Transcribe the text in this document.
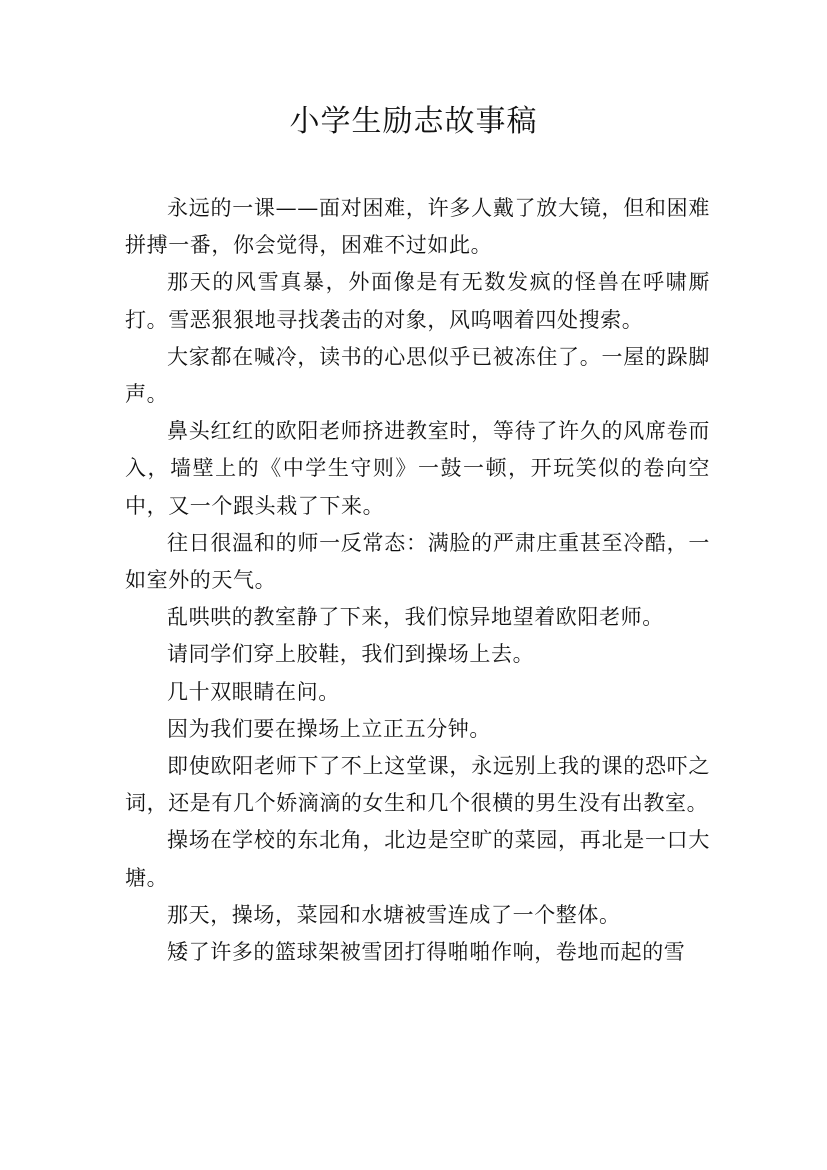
小学生励志故事稿

永远的一课——面对困难，许多人戴了放大镜，但和困难拼搏一番，你会觉得，困难不过如此。

那天的风雪真暴，外面像是有无数发疯的怪兽在呼啸厮打。雪恶狠狠地寻找袭击的对象，风呜咽着四处搜索。

大家都在喊冷，读书的心思似乎已被冻住了。一屋的跺脚声。

鼻头红红的欧阳老师挤进教室时，等待了许久的风席卷而入，墙壁上的《中学生守则》一鼓一顿，开玩笑似的卷向空中，又一个跟头栽了下来。

往日很温和的师一反常态：满脸的严肃庄重甚至冷酷，一如室外的天气。

乱哄哄的教室静了下来，我们惊异地望着欧阳老师。

请同学们穿上胶鞋，我们到操场上去。

几十双眼睛在问。

因为我们要在操场上立正五分钟。

即使欧阳老师下了不上这堂课，永远别上我的课的恐吓之词，还是有几个娇滴滴的女生和几个很横的男生没有出教室。

操场在学校的东北角，北边是空旷的菜园，再北是一口大塘。

那天，操场，菜园和水塘被雪连成了一个整体。

矮了许多的篮球架被雪团打得啪啪作响，卷地而起的雪
